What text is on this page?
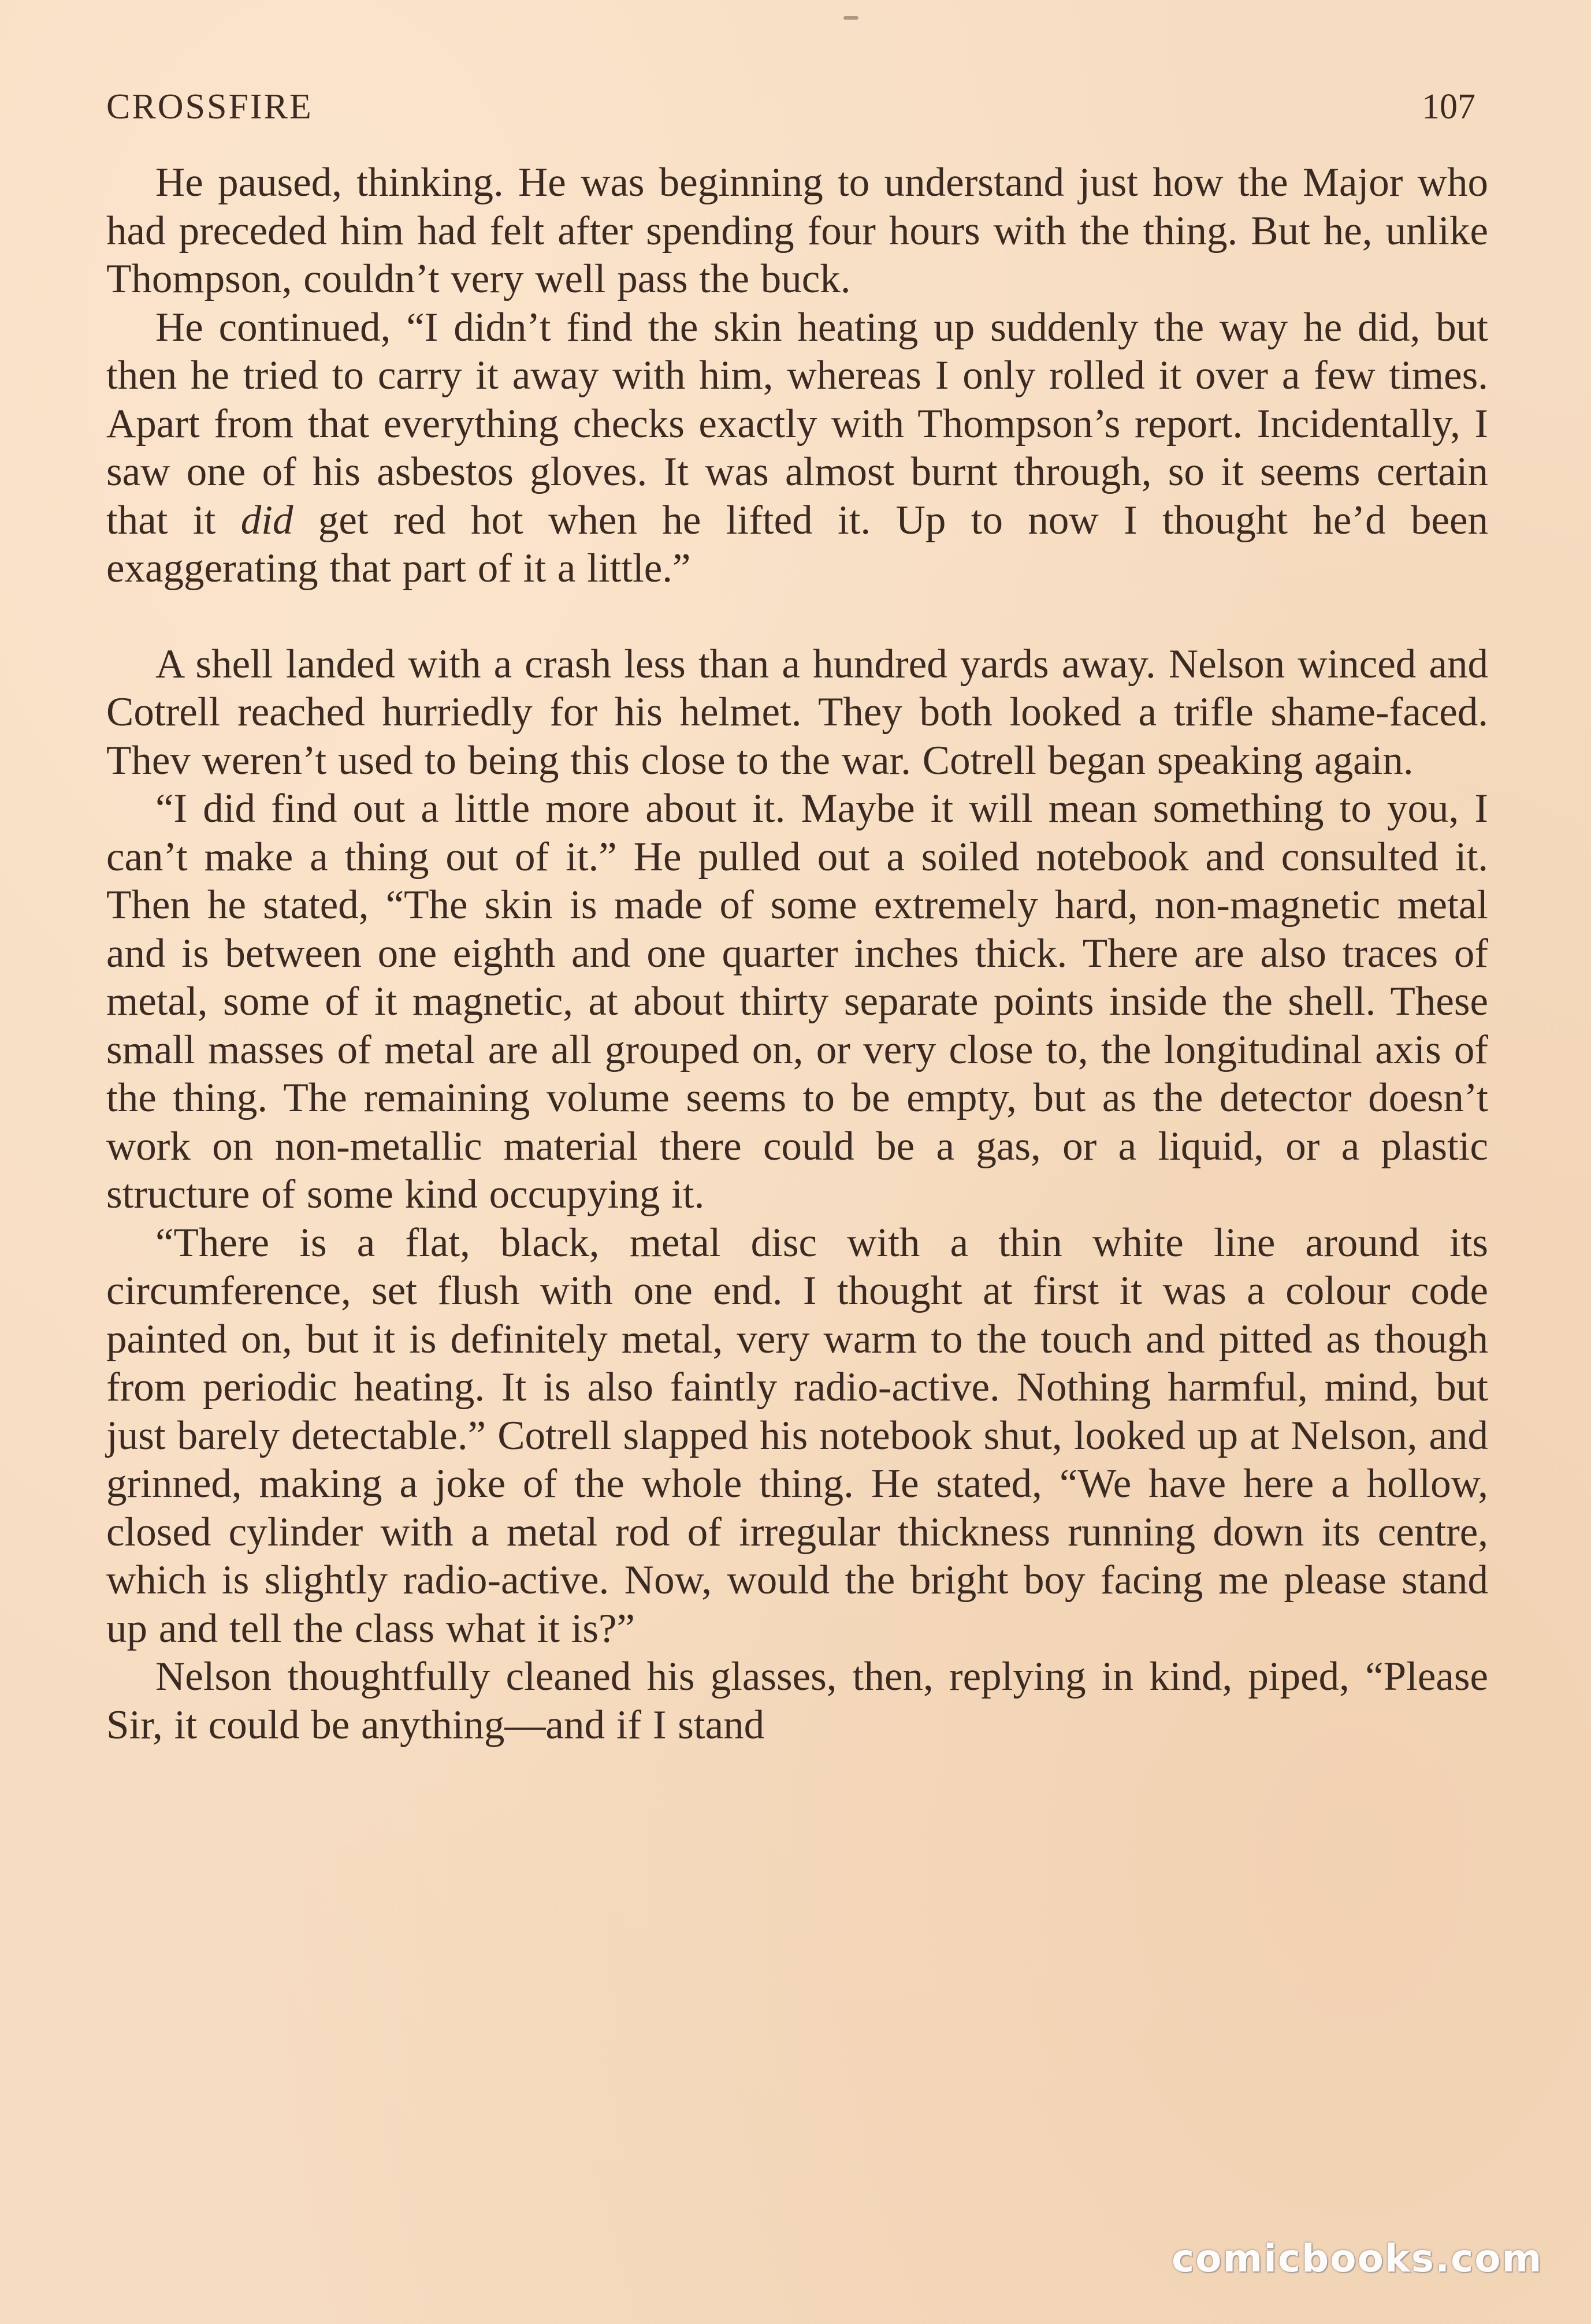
CROSSFIRE	107

He paused, thinking. He was beginning to understand just how the Major who had preceded him had felt after spending four hours with the thing. But he, unlike Thompson, couldn’t very well pass the buck.

He continued, “I didn’t find the skin heating up suddenly the way he did, but then he tried to carry it away with him, whereas I only rolled it over a few times. Apart from that everything checks exactly with Thompson’s report. Incidentally, I saw one of his asbestos gloves. It was almost burnt through, so it seems certain that it did get red hot when he lifted it. Up to now I thought he’d been exaggerating that part of it a little.”

A shell landed with a crash less than a hundred yards away. Nelson winced and Cotrell reached hurriedly for his helmet. They both looked a trifle shame-faced. Thev weren’t used to being this close to the war. Cotrell began speaking again.

“I did find out a little more about it. Maybe it will mean something to you, I can’t make a thing out of it.” He pulled out a soiled notebook and consulted it. Then he stated, “The skin is made of some extremely hard, non-magnetic metal and is between one eighth and one quarter inches thick. There are also traces of metal, some of it magnetic, at about thirty separate points inside the shell. These small masses of metal are all grouped on, or very close to, the longitudinal axis of the thing. The remaining volume seems to be empty, but as the detector doesn’t work on non-metallic material there could be a gas, or a liquid, or a plastic structure of some kind occupying it.

“There is a flat, black, metal disc with a thin white line around its circumference, set flush with one end. I thought at first it was a colour code painted on, but it is definitely metal, very warm to the touch and pitted as though from periodic heating. It is also faintly radio-active. Nothing harmful, mind, but just barely detectable.” Cotrell slapped his notebook shut, looked up at Nelson, and grinned, making a joke of the whole thing. He stated, “We have here a hollow, closed cylinder with a metal rod of irregular thickness running down its centre, which is slightly radio-active. Now, would the bright boy facing me please stand up and tell the class what it is?”

Nelson thoughtfully cleaned his glasses, then, replying in kind, piped, “Please Sir, it could be anything—and if I stand

comicbooks.com
